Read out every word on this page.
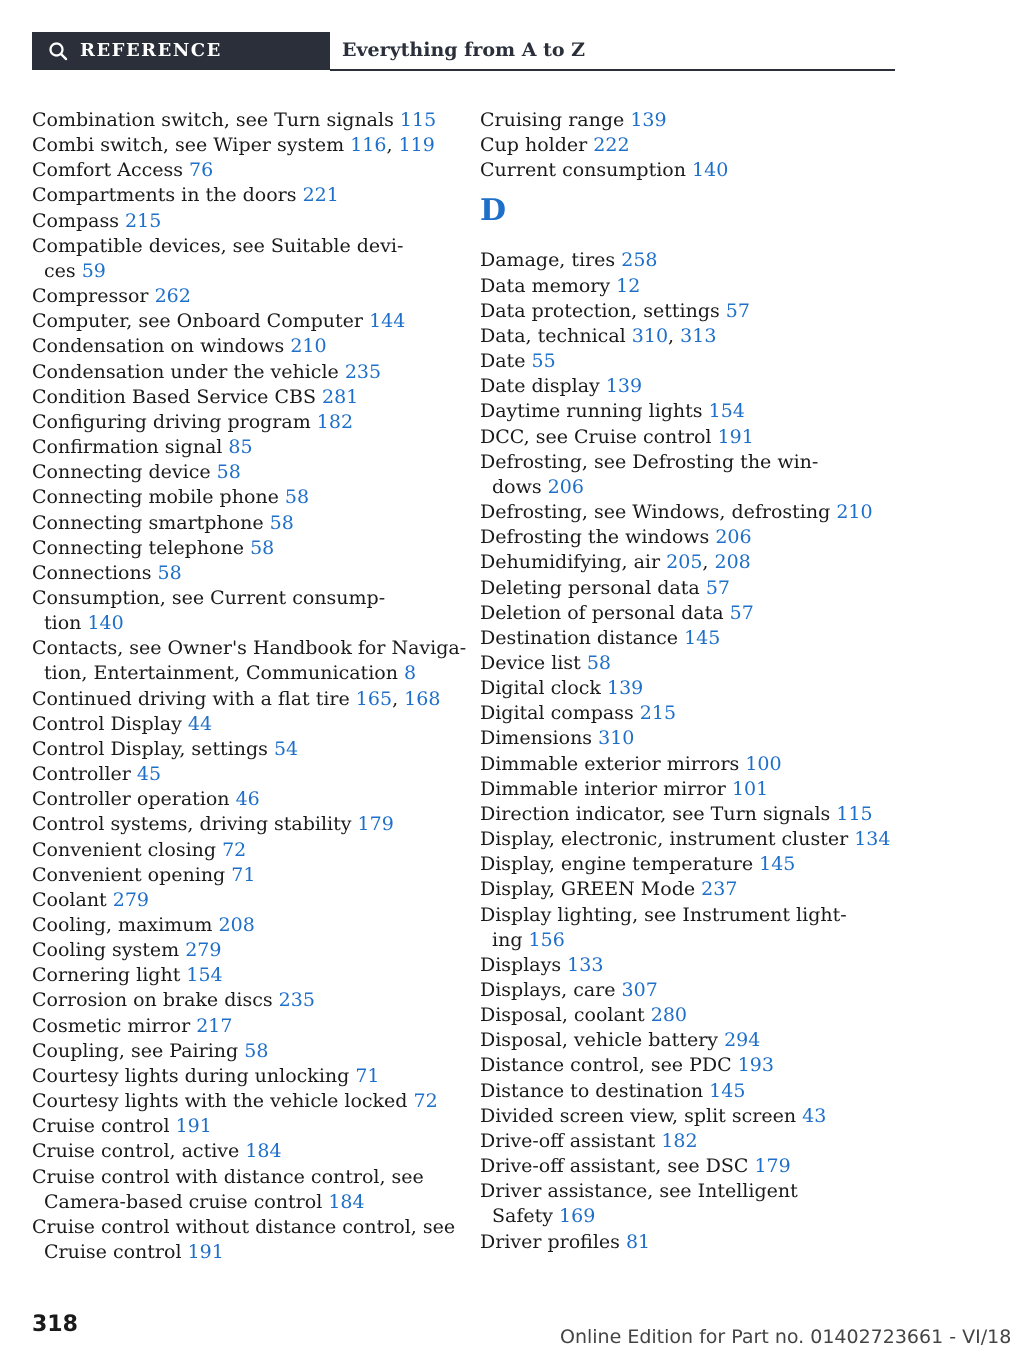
REFERENCE	Everything from A to Z
Combination switch, see Turn signals 115
Combi switch, see Wiper system 116, 119
Comfort Access 76
Compartments in the doors 221
Compass 215
Compatible devices, see Suitable devi-
ces 59
Compressor 262
Computer, see Onboard Computer 144
Condensation on windows 210
Condensation under the vehicle 235
Condition Based Service CBS 281
Configuring driving program 182
Confirmation signal 85
Connecting device 58
Connecting mobile phone 58
Connecting smartphone 58
Connecting telephone 58
Connections 58
Consumption, see Current consump-
tion 140
Contacts, see Owner's Handbook for Naviga-
tion, Entertainment, Communication 8
Continued driving with a flat tire 165, 168
Control Display 44
Control Display, settings 54
Controller 45
Controller operation 46
Control systems, driving stability 179
Convenient closing 72
Convenient opening 71
Coolant 279
Cooling, maximum 208
Cooling system 279
Cornering light 154
Corrosion on brake discs 235
Cosmetic mirror 217
Coupling, see Pairing 58
Courtesy lights during unlocking 71
Courtesy lights with the vehicle locked 72
Cruise control 191
Cruise control, active 184
Cruise control with distance control, see
Camera-based cruise control 184
Cruise control without distance control, see
Cruise control 191
Cruising range 139
Cup holder 222
Current consumption 140
D
Damage, tires 258
Data memory 12
Data protection, settings 57
Data, technical 310, 313
Date 55
Date display 139
Daytime running lights 154
DCC, see Cruise control 191
Defrosting, see Defrosting the win-
dows 206
Defrosting, see Windows, defrosting 210
Defrosting the windows 206
Dehumidifying, air 205, 208
Deleting personal data 57
Deletion of personal data 57
Destination distance 145
Device list 58
Digital clock 139
Digital compass 215
Dimensions 310
Dimmable exterior mirrors 100
Dimmable interior mirror 101
Direction indicator, see Turn signals 115
Display, electronic, instrument cluster 134
Display, engine temperature 145
Display, GREEN Mode 237
Display lighting, see Instrument light-
ing 156
Displays 133
Displays, care 307
Disposal, coolant 280
Disposal, vehicle battery 294
Distance control, see PDC 193
Distance to destination 145
Divided screen view, split screen 43
Drive-off assistant 182
Drive-off assistant, see DSC 179
Driver assistance, see Intelligent
Safety 169
Driver profiles 81
318	Online Edition for Part no. 01402723661 - VI/18
